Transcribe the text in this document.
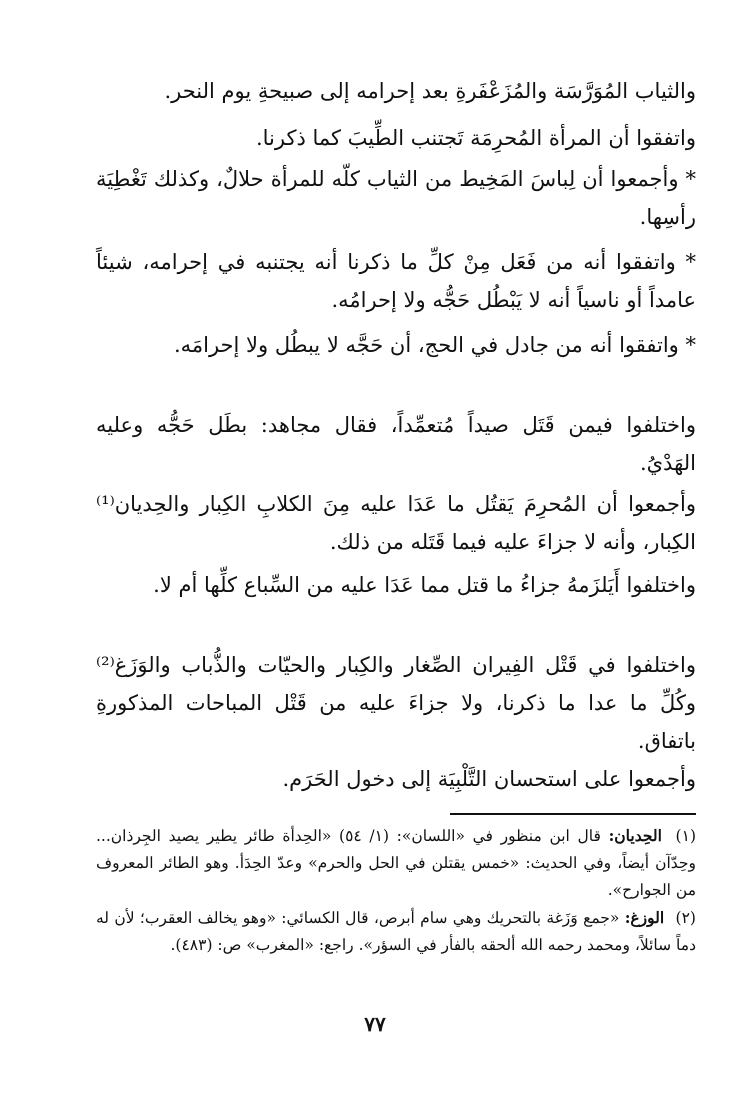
والثياب المُوَرَّسَة والمُزَعْفَرةِ بعد إحرامه إلى صبيحةِ يوم النحر.

واتفقوا أن المرأة المُحرِمَة تَجتنب الطِّيبَ كما ذكرنا.

* وأجمعوا أن لِباسَ المَخِيط من الثياب كلّه للمرأة حلالٌ، وكذلك تَغْطِيَة رأسِها.

* واتفقوا أنه من فَعَل مِنْ كلِّ ما ذكرنا أنه يجتنبه في إحرامه، شيئاً عامداً أو ناسياً أنه لا يَبْطُل حَجُّه ولا إحرامُه.

* واتفقوا أنه من جادل في الحج، أن حَجَّه لا يبطُل ولا إحرامَه.

واختلفوا فيمن قَتَل صيداً مُتعمِّداً، فقال مجاهد: بطَل حَجُّه وعليه الهَدْيُ.

وأجمعوا أن المُحرِمَ يَقتُل ما عَدَا عليه مِنَ الكلابِ الكِبار والحِديان⁽¹⁾ الكِبار، وأنه لا جزاءَ عليه فيما قَتَله من ذلك.

واختلفوا أَيَلزَمهُ جزاءُ ما قتل مما عَدَا عليه من السِّباع كلِّها أم لا.

واختلفوا في قَتْل الفِيران الصِّغار والكِبار والحيّات والذُّباب والوَزَغ⁽²⁾ وكُلِّ ما عدا ما ذكرنا، ولا جزاءَ عليه من قَتْل المباحات المذكورةِ باتفاق.

وأجمعوا على استحسان التَّلْبِيَة إلى دخول الحَرَم.

(١) الحِديان: قال ابن منظور في «اللسان»: (١/ ٥٤) «الحِدأة طائر يطير يصيد الجِرذان... وحِدّآن أيضاً، وفي الحديث: «خمس يقتلن في الحل والحرم» وعدّ الحِدَأ. وهو الطائر المعروف من الجوارح».

(٢) الوزغ: «جمع وَزَغة بالتحريك وهي سام أبرص، قال الكسائي: «وهو يخالف العقرب؛ لأن له دماً سائلاً، ومحمد رحمه الله ألحقه بالفأر في السؤر». راجع: «المغرب» ص: (٤٨٣).

٧٧
